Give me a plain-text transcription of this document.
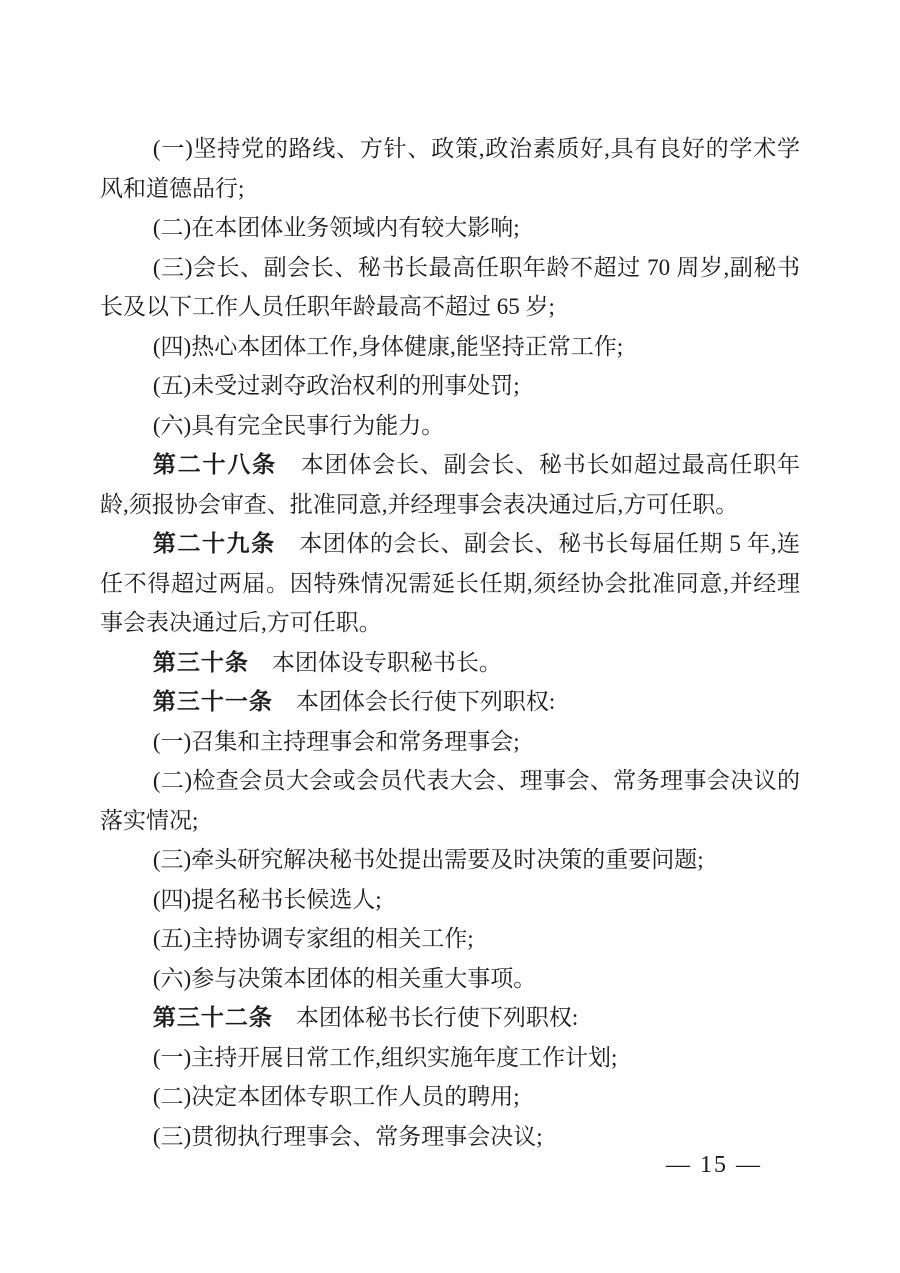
(一)坚持党的路线、方针、政策,政治素质好,具有良好的学术学风和道德品行;

(二)在本团体业务领域内有较大影响;

(三)会长、副会长、秘书长最高任职年龄不超过 70 周岁,副秘书长及以下工作人员任职年龄最高不超过 65 岁;

(四)热心本团体工作,身体健康,能坚持正常工作;

(五)未受过剥夺政治权利的刑事处罚;

(六)具有完全民事行为能力。

第二十八条　本团体会长、副会长、秘书长如超过最高任职年龄,须报协会审查、批准同意,并经理事会表决通过后,方可任职。

第二十九条　本团体的会长、副会长、秘书长每届任期 5 年,连任不得超过两届。因特殊情况需延长任期,须经协会批准同意,并经理事会表决通过后,方可任职。

第三十条　本团体设专职秘书长。

第三十一条　本团体会长行使下列职权:

(一)召集和主持理事会和常务理事会;

(二)检查会员大会或会员代表大会、理事会、常务理事会决议的落实情况;

(三)牵头研究解决秘书处提出需要及时决策的重要问题;

(四)提名秘书长候选人;

(五)主持协调专家组的相关工作;

(六)参与决策本团体的相关重大事项。

第三十二条　本团体秘书长行使下列职权:

(一)主持开展日常工作,组织实施年度工作计划;

(二)决定本团体专职工作人员的聘用;

(三)贯彻执行理事会、常务理事会决议;

— 15 —
